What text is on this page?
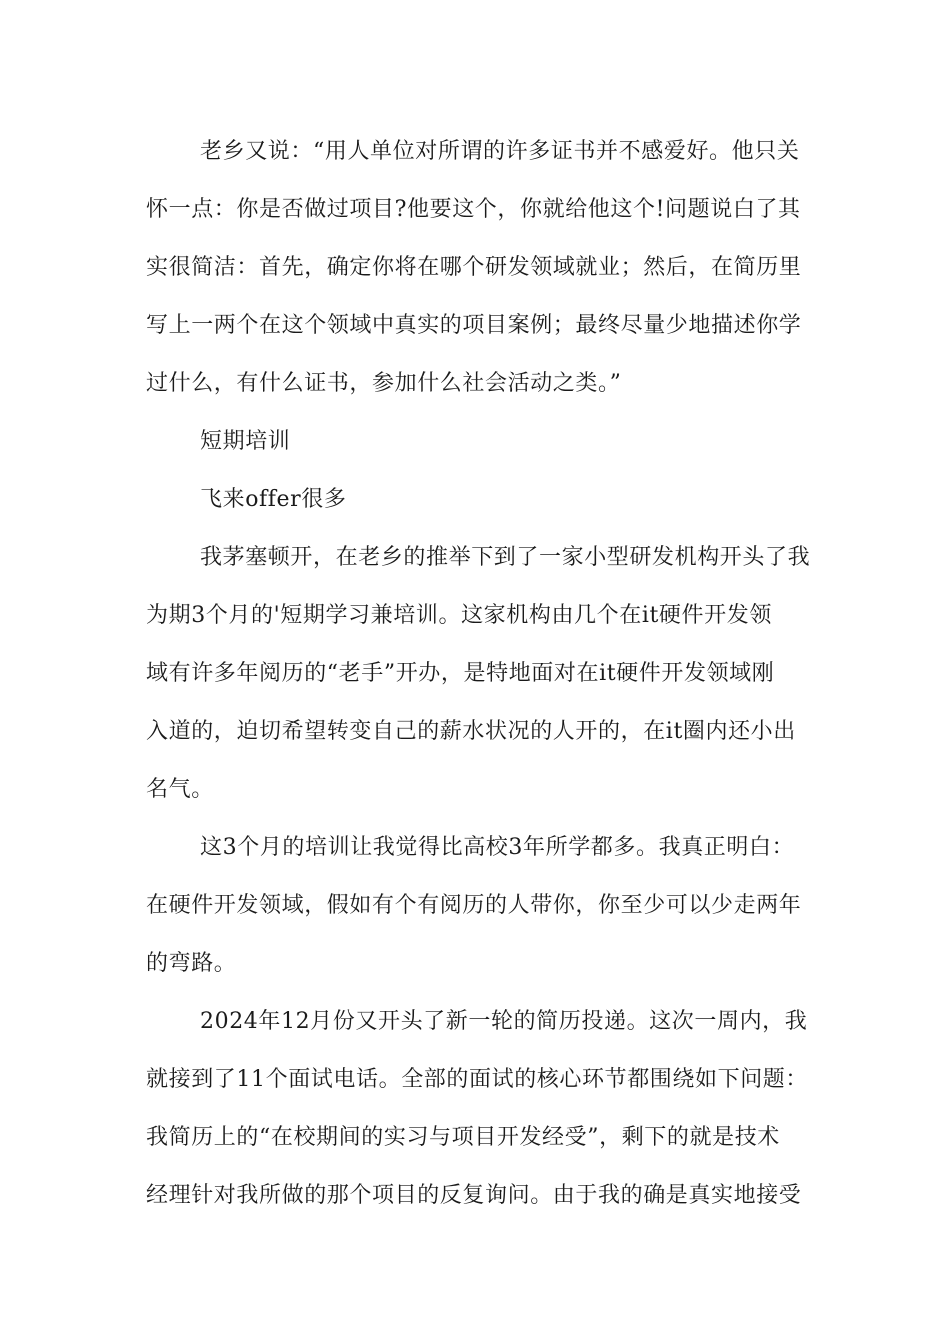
老乡又说：“用人单位对所谓的许多证书并不感爱好。他只关
怀一点：你是否做过项目?他要这个，你就给他这个!问题说白了其
实很简洁：首先，确定你将在哪个研发领域就业；然后，在简历里
写上一两个在这个领域中真实的项目案例；最终尽量少地描述你学
过什么，有什么证书，参加什么社会活动之类。”
短期培训
飞来offer很多
我茅塞顿开，在老乡的推举下到了一家小型研发机构开头了我
为期3个月的'短期学习兼培训。这家机构由几个在it硬件开发领
域有许多年阅历的“老手”开办，是特地面对在it硬件开发领域刚
入道的，迫切希望转变自己的薪水状况的人开的，在it圈内还小出
名气。
这3个月的培训让我觉得比高校3年所学都多。我真正明白：
在硬件开发领域，假如有个有阅历的人带你，你至少可以少走两年
的弯路。
2024年12月份又开头了新一轮的简历投递。这次一周内，我
就接到了11个面试电话。全部的面试的核心环节都围绕如下问题：
我简历上的“在校期间的实习与项目开发经受”，剩下的就是技术
经理针对我所做的那个项目的反复询问。由于我的确是真实地接受
